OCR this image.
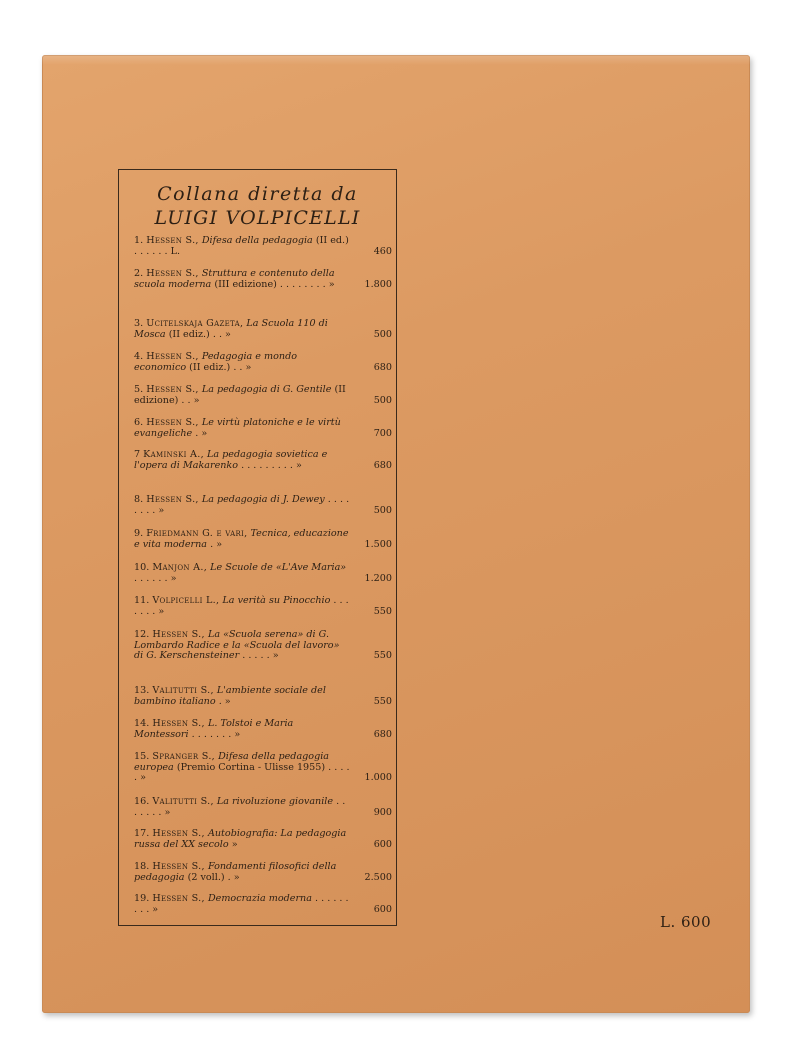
Collana diretta da
LUIGI VOLPICELLI
1. Hessen S., Difesa della pedagogia (II ed.) . . . . . . L.	460
2. Hessen S., Struttura e contenuto della scuola moderna (III edizione) . . . . . . . . »	1.800
3. Ucitelskaja Gazeta, La Scuola 110 di Mosca (II ediz.) . . »	500
4. Hessen S., Pedagogia e mondo economico (II ediz.) . . »	680
5. Hessen S., La pedagogia di G. Gentile (II edizione) . . »	500
6. Hessen S., Le virtù platoniche e le virtù evangeliche . »	700
7 Kaminski A., La pedagogia sovietica e l'opera di Makarenko . . . . . . . . . »	680
8. Hessen S., La pedagogia di J. Dewey . . . . . . . . »	500
9. Friedmann G. e vari, Tecnica, educazione e vita moderna . »	1.500
10. Manjon A., Le Scuole de «L'Ave Maria» . . . . . . »	1.200
11. Volpicelli L., La verità su Pinocchio . . . . . . . »	550
12. Hessen S., La «Scuola serena» di G. Lombardo Radice e la «Scuola del lavoro» di G. Kerschensteiner . . . . . »	550
13. Valitutti S., L'ambiente sociale del bambino italiano . »	550
14. Hessen S., L. Tolstoi e Maria Montessori . . . . . . . »	680
15. Spranger S., Difesa della pedagogia europea (Premio Cortina - Ulisse 1955) . . . . . »	1.000
16. Valitutti S., La rivoluzione giovanile . . . . . . . »	900
17. Hessen S., Autobiografia: La pedagogia russa del XX secolo »	600
18. Hessen S., Fondamenti filosofici della pedagogia (2 voll.) . »	2.500
19. Hessen S., Democrazia moderna . . . . . . . . . »	600
L. 600
